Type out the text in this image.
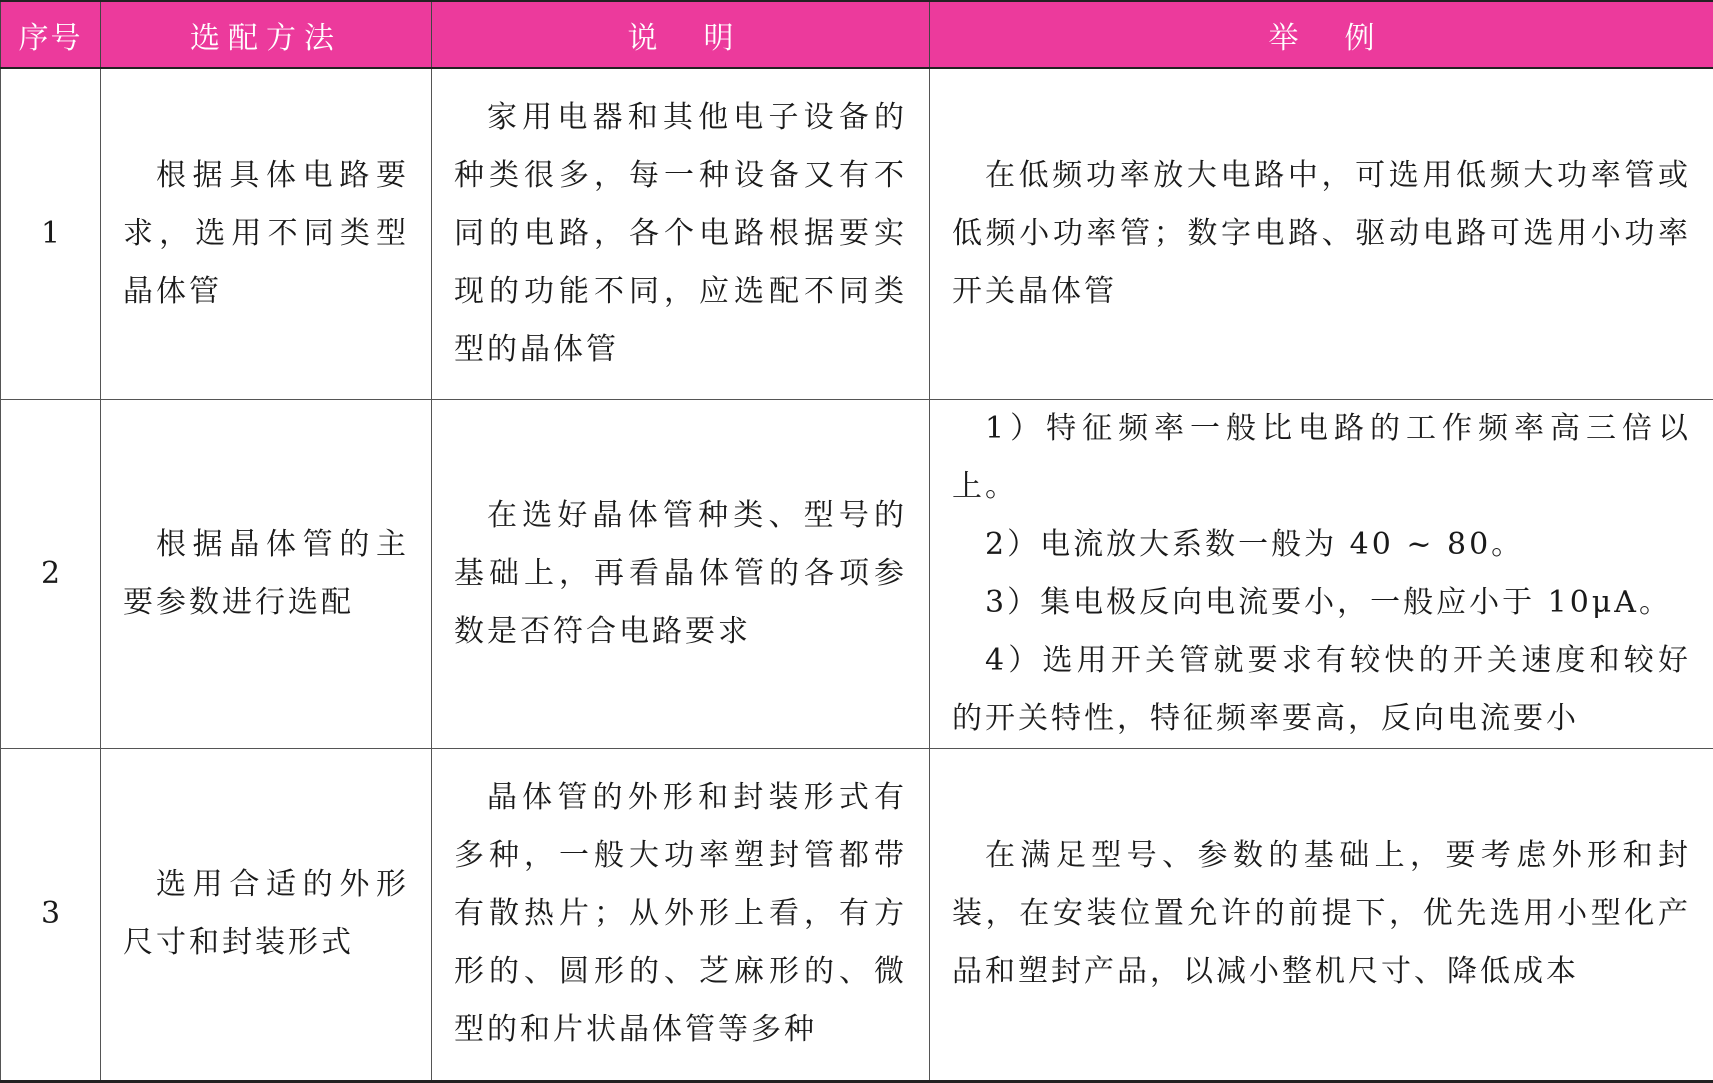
序号	选配方法	说明	举例
1	根据具体电路要求，选用不同类型晶体管	家用电器和其他电子设备的种类很多，每一种设备又有不同的电路，各个电路根据要实现的功能不同，应选配不同类型的晶体管	在低频功率放大电路中，可选用低频大功率管或低频小功率管；数字电路、驱动电路可选用小功率开关晶体管

2	根据晶体管的主要参数进行选配	在选好晶体管种类、型号的基础上，再看晶体管的各项参数是否符合电路要求	1）特征频率一般比电路的工作频率高三倍以上。
2）电流放大系数一般为 40 ~ 80。
3）集电极反向电流要小，一般应小于 10μA。
4）选用开关管就要求有较快的开关速度和较好的开关特性，特征频率要高，反向电流要小

3	选用合适的外形尺寸和封装形式	晶体管的外形和封装形式有多种，一般大功率塑封管都带有散热片；从外形上看，有方形的、圆形的、芝麻形的、微型的和片状晶体管等多种	在满足型号、参数的基础上，要考虑外形和封装，在安装位置允许的前提下，优先选用小型化产品和塑封产品，以减小整机尺寸、降低成本
